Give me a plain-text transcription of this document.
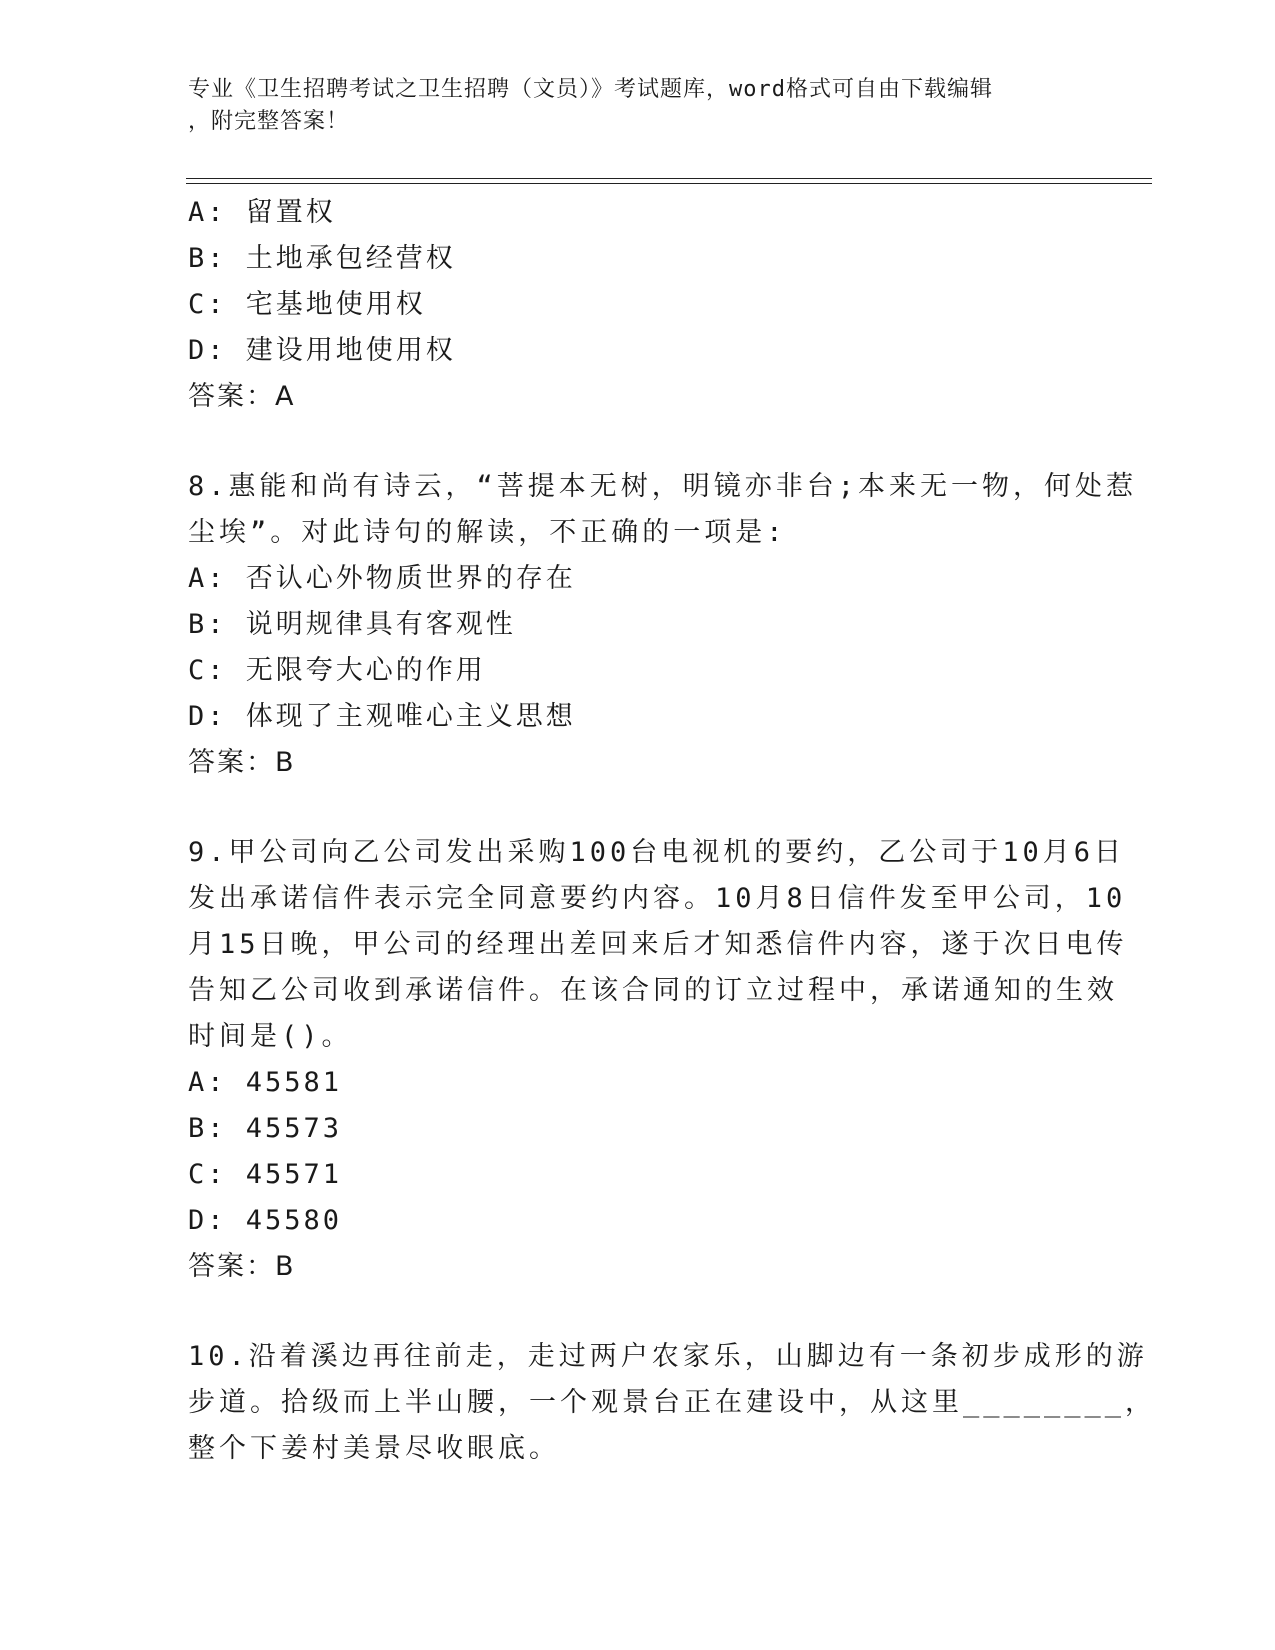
专业《卫生招聘考试之卫生招聘（文员）》考试题库，word格式可自由下载编辑
，附完整答案！
A: 留置权
B: 土地承包经营权
C: 宅基地使用权
D: 建设用地使用权
答案：A
8.惠能和尚有诗云，“菩提本无树，明镜亦非台;本来无一物，何处惹
尘埃”。对此诗句的解读，不正确的一项是:
A: 否认心外物质世界的存在
B: 说明规律具有客观性
C: 无限夸大心的作用
D: 体现了主观唯心主义思想
答案：B
9.甲公司向乙公司发出采购100台电视机的要约，乙公司于10月6日
发出承诺信件表示完全同意要约内容。10月8日信件发至甲公司，10
月15日晚，甲公司的经理出差回来后才知悉信件内容，遂于次日电传
告知乙公司收到承诺信件。在该合同的订立过程中，承诺通知的生效
时间是()。
A: 45581
B: 45573
C: 45571
D: 45580
答案：B
10.沿着溪边再往前走，走过两户农家乐，山脚边有一条初步成形的游
步道。拾级而上半山腰，一个观景台正在建设中，从这里________，
整个下姜村美景尽收眼底。
